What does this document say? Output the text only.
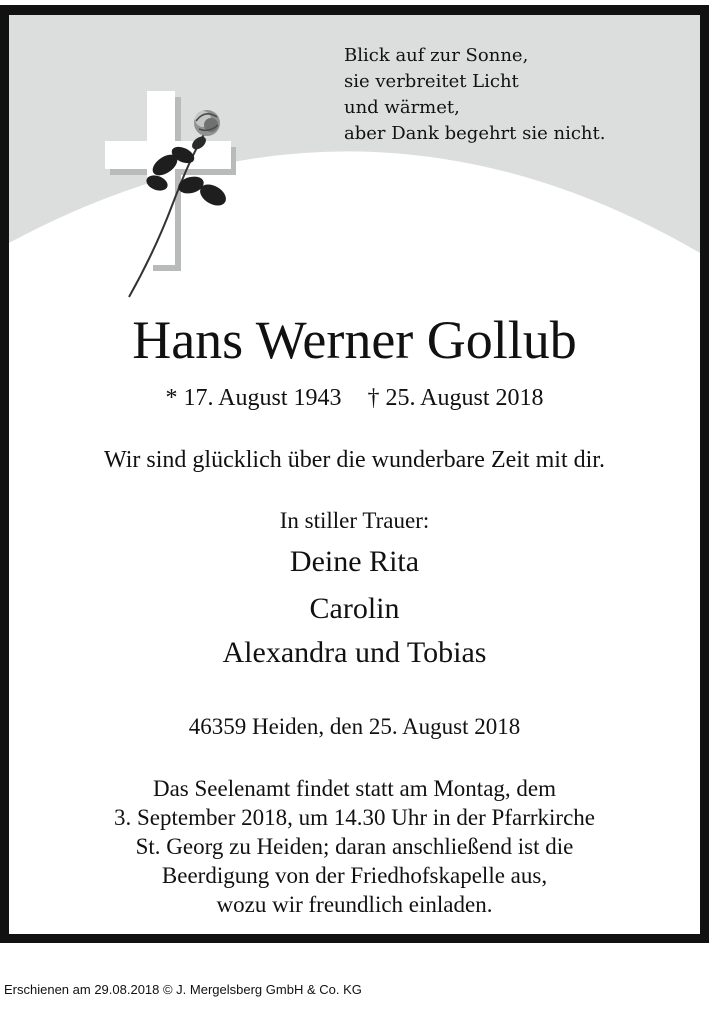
Blick auf zur Sonne,
sie verbreitet Licht
und wärmet,
aber Dank begehrt sie nicht.
Hans Werner Gollub
* 17. August 1943 † 25. August 2018
Wir sind glücklich über die wunderbare Zeit mit dir.
In stiller Trauer:
Deine Rita
Carolin
Alexandra und Tobias
46359 Heiden, den 25. August 2018
Das Seelenamt findet statt am Montag, dem
3. September 2018, um 14.30 Uhr in der Pfarrkirche
St. Georg zu Heiden; daran anschließend ist die
Beerdigung von der Friedhofskapelle aus,
wozu wir freundlich einladen.
Erschienen am 29.08.2018 © J. Mergelsberg GmbH & Co. KG
